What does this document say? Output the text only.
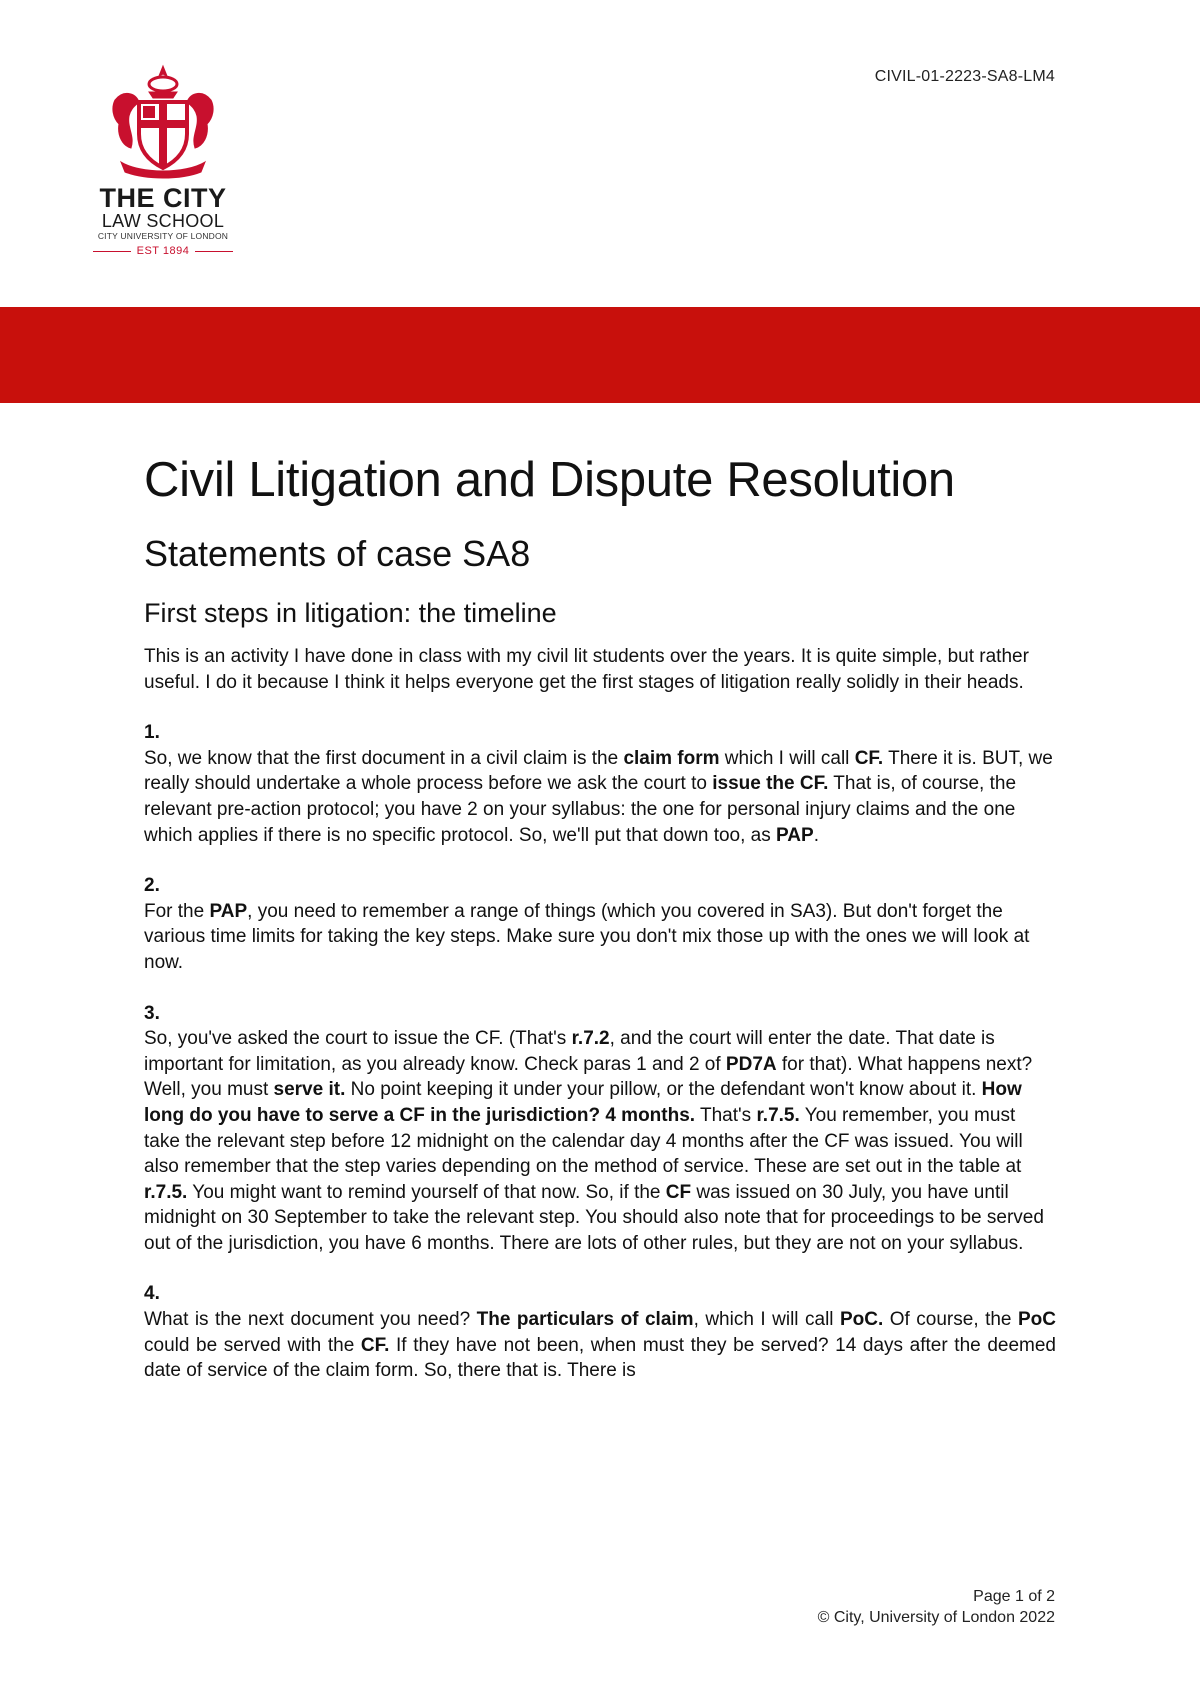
CIVIL-01-2223-SA8-LM4
THE CITY
LAW SCHOOL
CITY UNIVERSITY OF LONDON
EST 1894
Civil Litigation and Dispute Resolution
Statements of case SA8
First steps in litigation: the timeline

This is an activity I have done in class with my civil lit students over the years. It is quite simple, but rather useful. I do it because I think it helps everyone get the first stages of litigation really solidly in their heads.

1.

So, we know that the first document in a civil claim is the claim form which I will call CF. There it is. BUT, we really should undertake a whole process before we ask the court to issue the CF. That is, of course, the relevant pre-action protocol; you have 2 on your syllabus: the one for personal injury claims and the one which applies if there is no specific protocol. So, we'll put that down too, as PAP.

2.

For the PAP, you need to remember a range of things (which you covered in SA3). But don't forget the various time limits for taking the key steps. Make sure you don't mix those up with the ones we will look at now.

3.

So, you've asked the court to issue the CF. (That's r.7.2, and the court will enter the date. That date is important for limitation, as you already know. Check paras 1 and 2 of PD7A for that). What happens next? Well, you must serve it. No point keeping it under your pillow, or the defendant won't know about it. How long do you have to serve a CF in the jurisdiction? 4 months. That's r.7.5. You remember, you must take the relevant step before 12 midnight on the calendar day 4 months after the CF was issued. You will also remember that the step varies depending on the method of service. These are set out in the table at r.7.5. You might want to remind yourself of that now. So, if the CF was issued on 30 July, you have until midnight on 30 September to take the relevant step. You should also note that for proceedings to be served out of the jurisdiction, you have 6 months. There are lots of other rules, but they are not on your syllabus.

4.

What is the next document you need? The particulars of claim, which I will call PoC. Of course, the PoC could be served with the CF. If they have not been, when must they be served? 14 days after the deemed date of service of the claim form. So, there that is. There is

Page 1 of 2
© City, University of London 2022
